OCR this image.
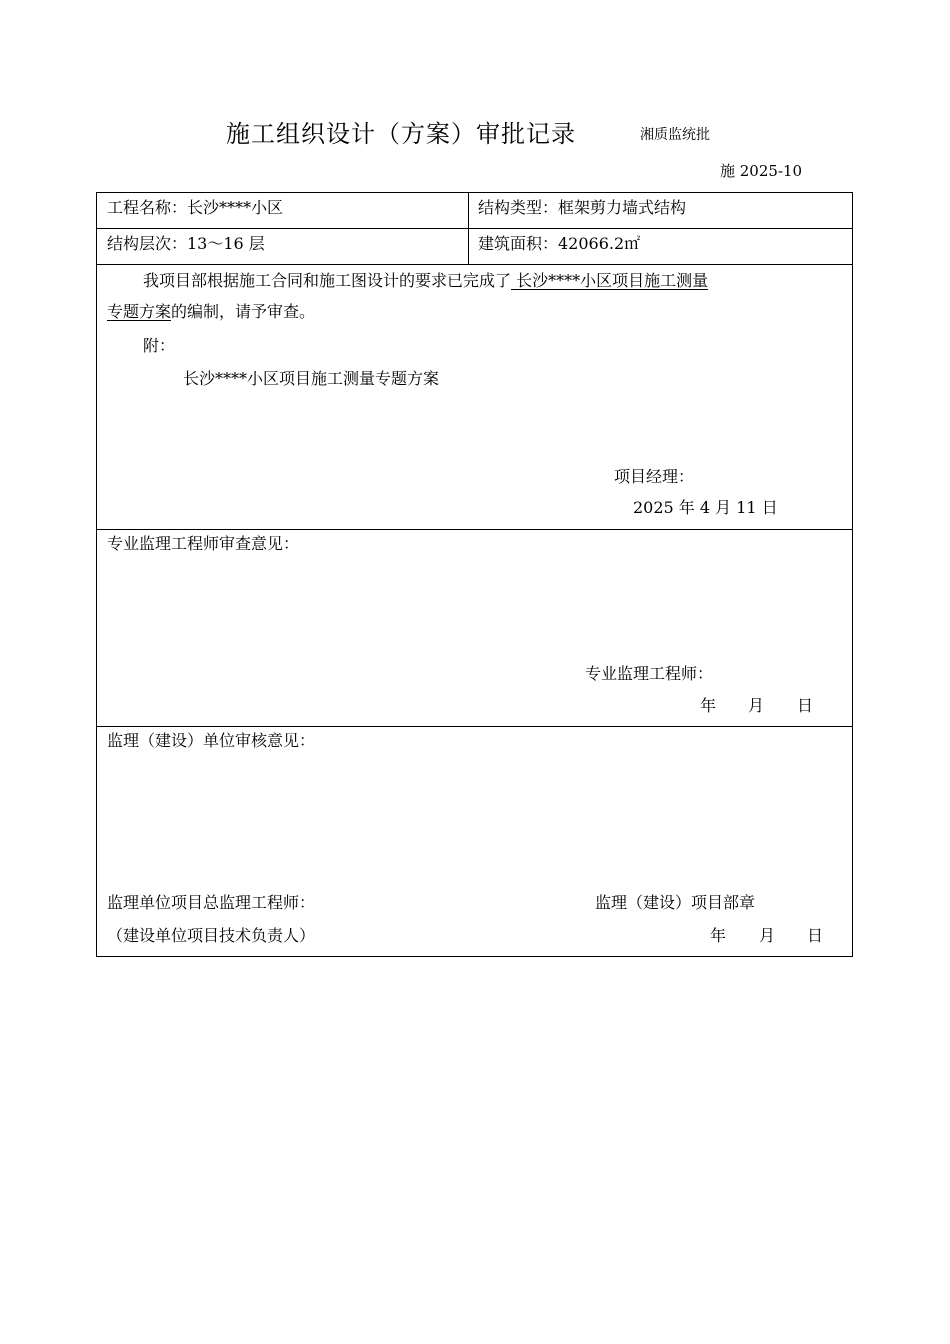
施工组织设计（方案）审批记录	湘质监统批
施 2025-10
工程名称：长沙****小区	结构类型：框架剪力墙式结构
结构层次：13～16 层	建筑面积：42066.2㎡
我项目部根据施工合同和施工图设计的要求已完成了 长沙****小区项目施工测量
专题方案的编制，请予审查。
附：
长沙****小区项目施工测量专题方案
项目经理：
2025 年 4 月 11 日
专业监理工程师审查意见：
专业监理工程师：
年 月 日
监理（建设）单位审核意见：
监理单位项目总监理工程师：	监理（建设）项目部章
（建设单位项目技术负责人）	年 月 日
